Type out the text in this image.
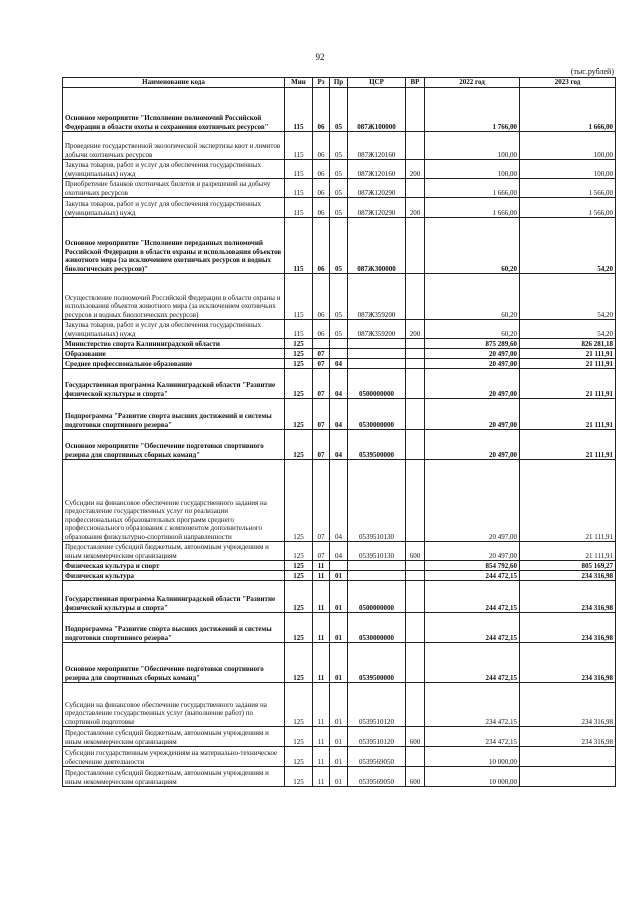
92
(тыс.рублей)
Наименование кода	Мин	Рз	Пр	ЦСР	ВР	2022 год	2023 год
Основное мероприятие "Исполнение полномочий Российской Федерации в области охоты и сохранения охотничьих ресурсов"	115	06	05	087Ж100000		1 766,00	1 666,00
Проведение государственной экологической экспертизы квот и лимитов добычи охотничьих ресурсов	115	06	05	087Ж120160		100,00	100,00
Закупка товаров, работ и услуг для обеспечения государственных (муниципальных) нужд	115	06	05	087Ж120160	200	100,00	100,00
Приобретение бланков охотничьих билетов и разрешений на добычу охотничьих ресурсов	115	06	05	087Ж120290		1 666,00	1 566,00
Закупка товаров, работ и услуг для обеспечения государственных (муниципальных) нужд	115	06	05	087Ж120290	200	1 666,00	1 566,00
Основное мероприятие "Исполнение переданных полномочий Российской Федерации в области охраны и использования объектов животного мира (за исключением охотничьих ресурсов и водных биологических ресурсов)"	115	06	05	087Ж300000		60,20	54,20
Осуществление полномочий Российской Федерации в области охраны и использования объектов животного мира (за исключением охотничьих ресурсов и водных биологических ресурсов)	115	06	05	087Ж359200		60,20	54,20
Закупка товаров, работ и услуг для обеспечения государственных (муниципальных) нужд	115	06	05	087Ж359200	200	60,20	54,20
Министерство спорта Калининградской области	125					875 289,60	826 281,18
Образование	125	07				20 497,00	21 111,91
Среднее профессиональное образование	125	07	04			20 497,00	21 111,91
Государственная программа Калининградской области "Развитие физической культуры и спорта"	125	07	04	0500000000		20 497,00	21 111,91
Подпрограмма "Развитие спорта высших достижений и системы подготовки спортивного резерва"	125	07	04	0530000000		20 497,00	21 111,91
Основное мероприятие "Обеспечение подготовки спортивного резерва для спортивных сборных команд"	125	07	04	0539500000		20 497,00	21 111,91
Субсидии на финансовое обеспечение государственного задания на предоставление государственных услуг по реализации профессиональных образовательных программ среднего профессионального образования с компонентом дополнительного образования физкультурно-спортивной направленности	125	07	04	0539510130		20 497,00	21 111,91
Предоставление субсидий бюджетным, автономным учреждениям и иным некоммерческим организациям	125	07	04	0539510130	600	20 497,00	21 111,91
Физическая культура и спорт	125	11				854 792,60	805 169,27
Физическая культура	125	11	01			244 472,15	234 316,98
Государственная программа Калининградской области "Развитие физической культуры и спорта"	125	11	01	0500000000		244 472,15	234 316,98
Подпрограмма "Развитие спорта высших достижений и системы подготовки спортивного резерва"	125	11	01	0530000000		244 472,15	234 316,98
Основное мероприятие "Обеспечение подготовки спортивного резерва для спортивных сборных команд"	125	11	01	0539500000		244 472,15	234 316,98
Субсидии на финансовое обеспечение государственного задания на предоставление государственных услуг (выполнение работ) по спортивной подготовке	125	11	01	0539510120		234 472,15	234 316,98
Предоставление субсидий бюджетным, автономным учреждениям и иным некоммерческим организациям	125	11	01	0539510120	600	234 472,15	234 316,98
Субсидии государственным учреждениям на материально-техническое обеспечение деятельности	125	11	01	0539569050		10 000,00	
Предоставление субсидий бюджетным, автономным учреждениям и иным некоммерческим организациям	125	11	01	0539569050	600	10 000,00	
